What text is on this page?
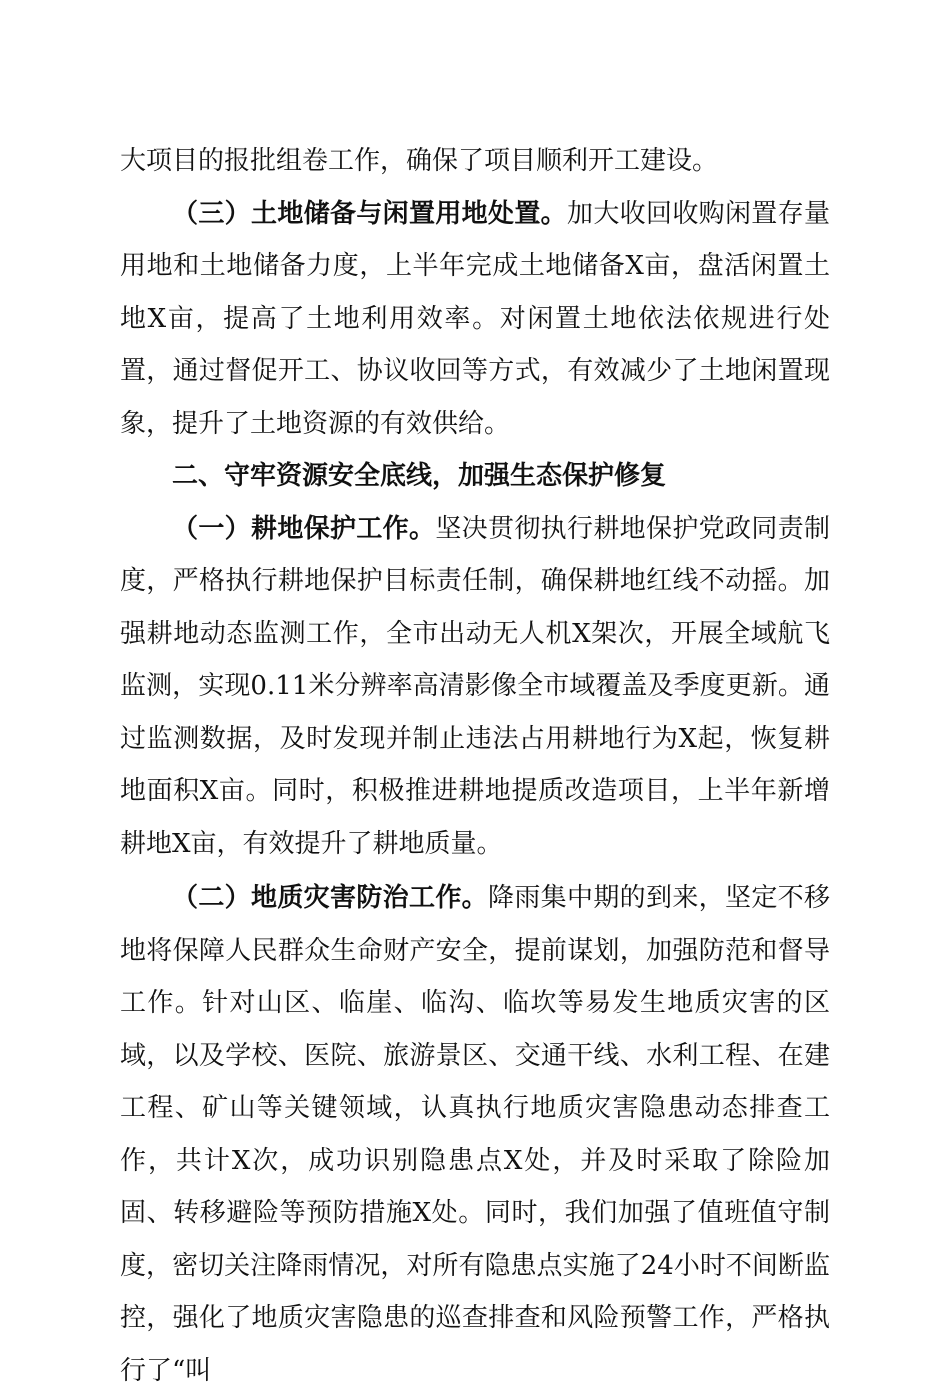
大项目的报批组卷工作，确保了项目顺利开工建设。

（三）土地储备与闲置用地处置。加大收回收购闲置存量用地和土地储备力度，上半年完成土地储备X亩，盘活闲置土地X亩，提高了土地利用效率。对闲置土地依法依规进行处置，通过督促开工、协议收回等方式，有效减少了土地闲置现象，提升了土地资源的有效供给。

二、守牢资源安全底线，加强生态保护修复

（一）耕地保护工作。坚决贯彻执行耕地保护党政同责制度，严格执行耕地保护目标责任制，确保耕地红线不动摇。加强耕地动态监测工作，全市出动无人机X架次，开展全域航飞监测，实现0.11米分辨率高清影像全市域覆盖及季度更新。通过监测数据，及时发现并制止违法占用耕地行为X起，恢复耕地面积X亩。同时，积极推进耕地提质改造项目，上半年新增耕地X亩，有效提升了耕地质量。

（二）地质灾害防治工作。降雨集中期的到来，坚定不移地将保障人民群众生命财产安全，提前谋划，加强防范和督导工作。针对山区、临崖、临沟、临坎等易发生地质灾害的区域，以及学校、医院、旅游景区、交通干线、水利工程、在建工程、矿山等关键领域，认真执行地质灾害隐患动态排查工作，共计X次，成功识别隐患点X处，并及时采取了除险加固、转移避险等预防措施X处。同时，我们加强了值班值守制度，密切关注降雨情况，对所有隐患点实施了24小时不间断监控，强化了地质灾害隐患的巡查排查和风险预警工作，严格执行了“叫
